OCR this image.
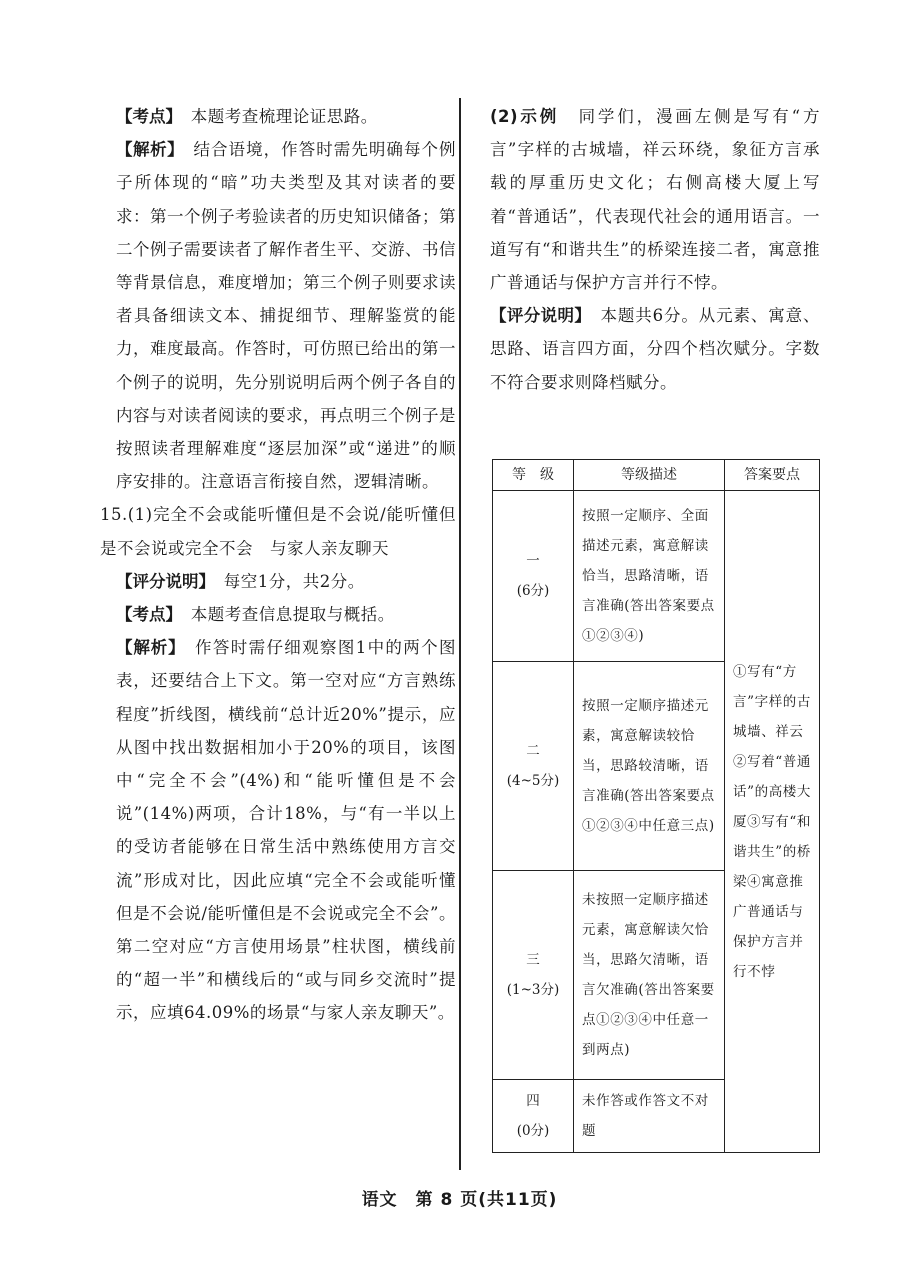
【考点】　 本题考查梳理论证思路。

【解析】　 结合语境，作答时需先明确每个例子所体现的“暗”功夫类型及其对读者的要求：第一个例子考验读者的历史知识储备；第二个例子需要读者了解作者生平、交游、书信等背景信息，难度增加；第三个例子则要求读者具备细读文本、捕捉细节、理解鉴赏的能力，难度最高。作答时，可仿照已给出的第一个例子的说明，先分别说明后两个例子各自的内容与对读者阅读的要求，再点明三个例子是按照读者理解难度“逐层加深”或“递进”的顺序安排的。注意语言衔接自然，逻辑清晰。

15.(1)完全不会或能听懂但是不会说/能听懂但是不会说或完全不会　与家人亲友聊天

【评分说明】　 每空1分，共2分。

【考点】　 本题考查信息提取与概括。

【解析】　 作答时需仔细观察图1中的两个图表，还要结合上下文。第一空对应“方言熟练程度”折线图，横线前“总计近20%”提示，应从图中找出数据相加小于20%的项目，该图中“完全不会”(4%)和“能听懂但是不会说”(14%)两项，合计18%，与“有一半以上的受访者能够在日常生活中熟练使用方言交流”形成对比，因此应填“完全不会或能听懂但是不会说/能听懂但是不会说或完全不会”。第二空对应“方言使用场景”柱状图，横线前的“超一半”和横线后的“或与同乡交流时”提示，应填64.09%的场景“与家人亲友聊天”。

(2)示例　 同学们，漫画左侧是写有“方言”字样的古城墙，祥云环绕，象征方言承载的厚重历史文化；右侧高楼大厦上写着“普通话”，代表现代社会的通用语言。一道写有“和谐共生”的桥梁连接二者，寓意推广普通话与保护方言并行不悖。

【评分说明】　 本题共6分。从元素、寓意、思路、语言四方面，分四个档次赋分。字数不符合要求则降档赋分。

等　级	等级描述	答案要点

一
(6分)	按照一定顺序、全面描述元素，寓意解读恰当，思路清晰，语言准确(答出答案要点①②③④)	①写有“方言”字样的古城墙、祥云②写着“普通话”的高楼大厦③写有“和谐共生”的桥梁④寓意推广普通话与保护方言并行不悖

二
(4~5分)	按照一定顺序描述元素，寓意解读较恰当，思路较清晰，语言准确(答出答案要点①②③④中任意三点)	

三
(1~3分)	未按照一定顺序描述元素，寓意解读欠恰当，思路欠清晰，语言欠准确(答出答案要点①②③④中任意一到两点)	

四
(0分)	未作答或作答文不对题	
语文　第 8 页(共11页)
